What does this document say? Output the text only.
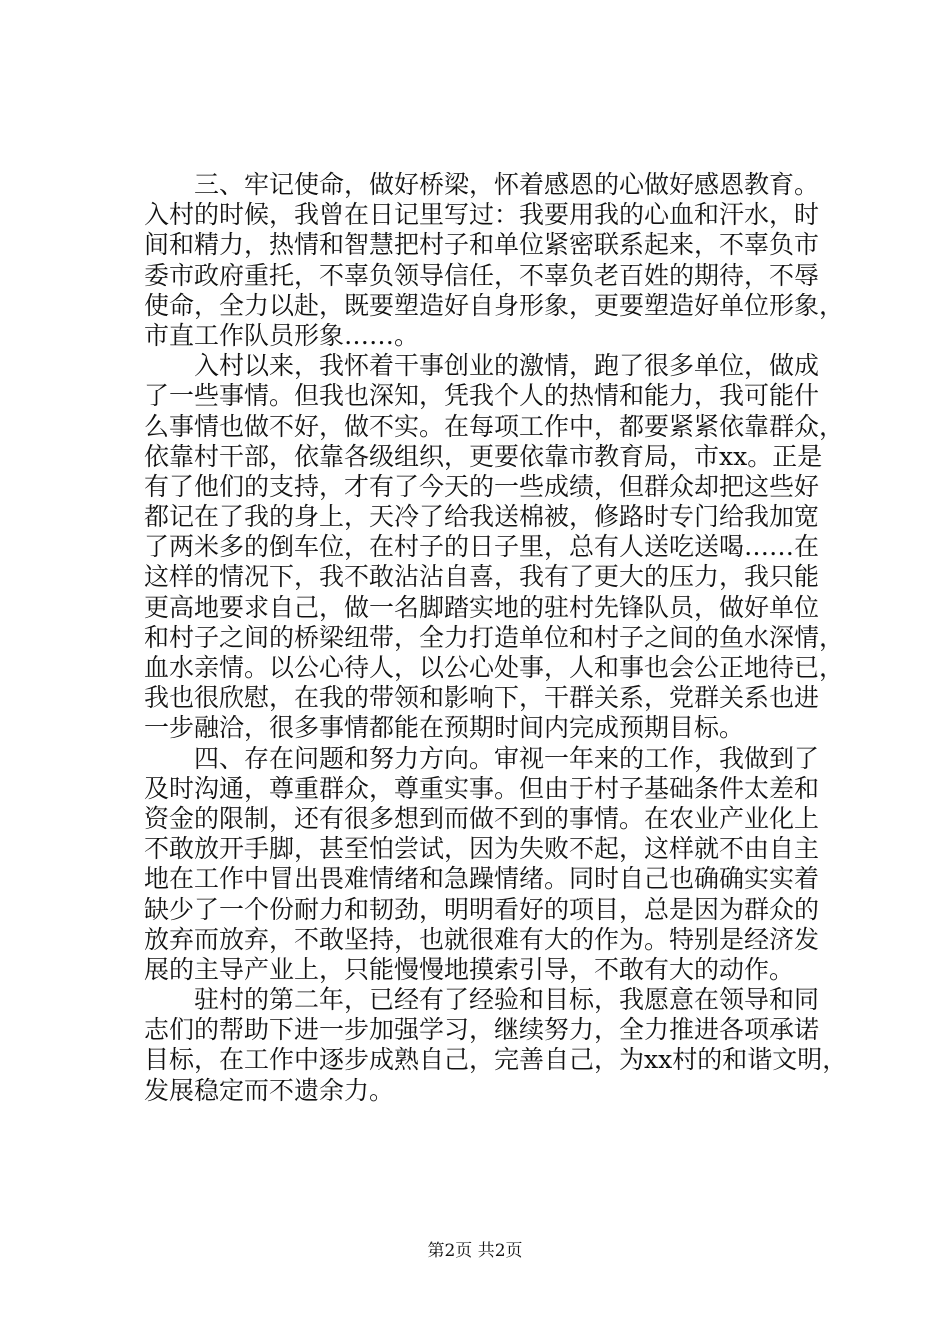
三、牢记使命，做好桥梁，怀着感恩的心做好感恩教育。
入村的时候，我曾在日记里写过：我要用我的心血和汗水，时
间和精力，热情和智慧把村子和单位紧密联系起来，不辜负市
委市政府重托，不辜负领导信任，不辜负老百姓的期待，不辱
使命，全力以赴，既要塑造好自身形象，更要塑造好单位形象，
市直工作队员形象……。
入村以来，我怀着干事创业的激情，跑了很多单位，做成
了一些事情。但我也深知，凭我个人的热情和能力，我可能什
么事情也做不好，做不实。在每项工作中，都要紧紧依靠群众，
依靠村干部，依靠各级组织，更要依靠市教育局，市xx。正是
有了他们的支持，才有了今天的一些成绩，但群众却把这些好
都记在了我的身上，天冷了给我送棉被，修路时专门给我加宽
了两米多的倒车位，在村子的日子里，总有人送吃送喝……在
这样的情况下，我不敢沾沾自喜，我有了更大的压力，我只能
更高地要求自己，做一名脚踏实地的驻村先锋队员，做好单位
和村子之间的桥梁纽带，全力打造单位和村子之间的鱼水深情，
血水亲情。以公心待人，以公心处事，人和事也会公正地待已，
我也很欣慰，在我的带领和影响下，干群关系，党群关系也进
一步融洽，很多事情都能在预期时间内完成预期目标。
四、存在问题和努力方向。审视一年来的工作，我做到了
及时沟通，尊重群众，尊重实事。但由于村子基础条件太差和
资金的限制，还有很多想到而做不到的事情。在农业产业化上
不敢放开手脚，甚至怕尝试，因为失败不起，这样就不由自主
地在工作中冒出畏难情绪和急躁情绪。同时自己也确确实实着
缺少了一个份耐力和韧劲，明明看好的项目，总是因为群众的
放弃而放弃，不敢坚持，也就很难有大的作为。特别是经济发
展的主导产业上，只能慢慢地摸索引导，不敢有大的动作。
驻村的第二年，已经有了经验和目标，我愿意在领导和同
志们的帮助下进一步加强学习，继续努力，全力推进各项承诺
目标，在工作中逐步成熟自己，完善自己，为xx村的和谐文明，
发展稳定而不遗余力。
第2页 共2页
